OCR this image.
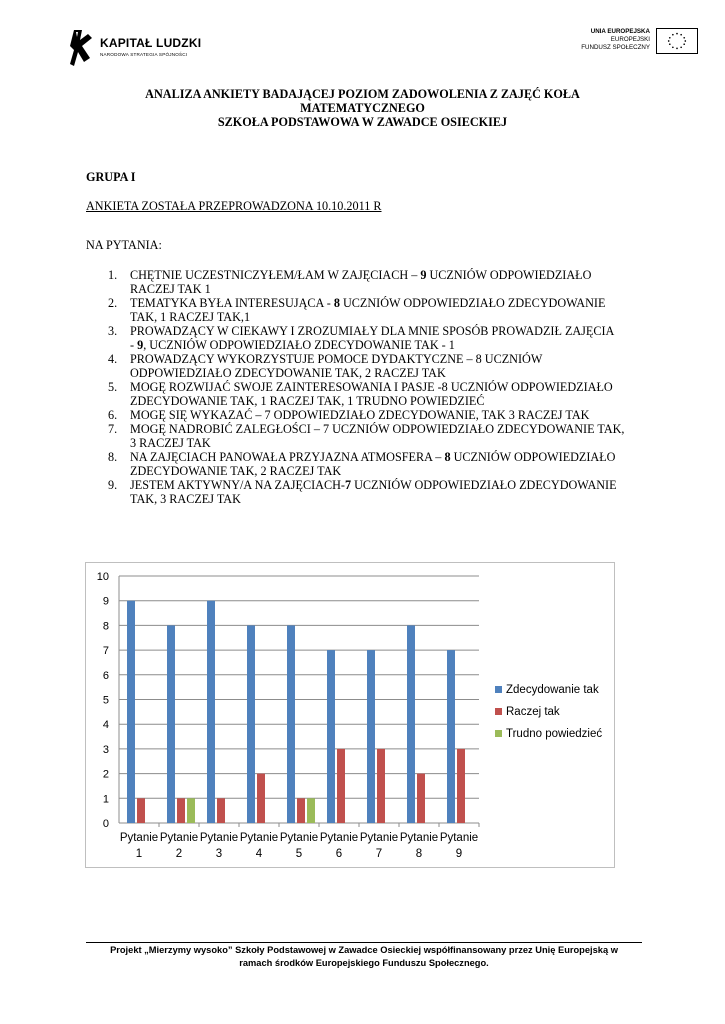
KAPITAŁ LUDZKI
NARODOWA STRATEGIA SPÓJNOŚCI
UNIA EUROPEJSKA
EUROPEJSKI
FUNDUSZ SPOŁECZNY
ANALIZA ANKIETY BADAJĄCEJ POZIOM ZADOWOLENIA Z ZAJĘĆ KOŁA
MATEMATYCZNEGO
SZKOŁA PODSTAWOWA W ZAWADCE OSIECKIEJ
GRUPA I
ANKIETA ZOSTAŁA PRZEPROWADZONA 10.10.2011 R
NA PYTANIA:
1. CHĘTNIE UCZESTNICZYŁEM/ŁAM W ZAJĘCIACH – 9 UCZNIÓW ODPOWIEDZIAŁO
RACZEJ TAK 1
2. TEMATYKA BYŁA INTERESUJĄCA - 8 UCZNIÓW ODPOWIEDZIAŁO ZDECYDOWANIE
TAK, 1 RACZEJ TAK,1
3. PROWADZĄCY W CIEKAWY I ZROZUMIAŁY DLA MNIE SPOSÓB PROWADZIŁ ZAJĘCIA
- 9, UCZNIÓW ODPOWIEDZIAŁO ZDECYDOWANIE TAK - 1
4. PROWADZĄCY WYKORZYSTUJE POMOCE DYDAKTYCZNE – 8 UCZNIÓW
ODPOWIEDZIAŁO ZDECYDOWANIE TAK, 2 RACZEJ TAK
5. MOGĘ ROZWIJAĆ SWOJE ZAINTERESOWANIA I PASJE -8 UCZNIÓW ODPOWIEDZIAŁO
ZDECYDOWANIE TAK, 1 RACZEJ TAK, 1 TRUDNO POWIEDZIEĆ
6. MOGĘ SIĘ WYKAZAĆ – 7 ODPOWIEDZIAŁO ZDECYDOWANIE, TAK 3 RACZEJ TAK
7. MOGĘ NADROBIĆ ZALEGŁOŚCI – 7 UCZNIÓW ODPOWIEDZIAŁO ZDECYDOWANIE TAK,
3 RACZEJ TAK
8. NA ZAJĘCIACH PANOWAŁA PRZYJAZNA ATMOSFERA – 8 UCZNIÓW ODPOWIEDZIAŁO
ZDECYDOWANIE TAK, 2 RACZEJ TAK
9. JESTEM AKTYWNY/A NA ZAJĘCIACH-7 UCZNIÓW ODPOWIEDZIAŁO ZDECYDOWANIE
TAK, 3 RACZEJ TAK
0
1
2
3
4
5
6
7
8
9
10
Pytanie
1
Pytanie
2
Pytanie
3
Pytanie
4
Pytanie
5
Pytanie
6
Pytanie
7
Pytanie
8
Pytanie
9
Zdecydowanie tak
Raczej tak
Trudno powiedzieć
Projekt „Mierzymy wysoko” Szkoły Podstawowej w Zawadce Osieckiej współfinansowany przez Unię Europejską w
ramach środków Europejskiego Funduszu Społecznego.
